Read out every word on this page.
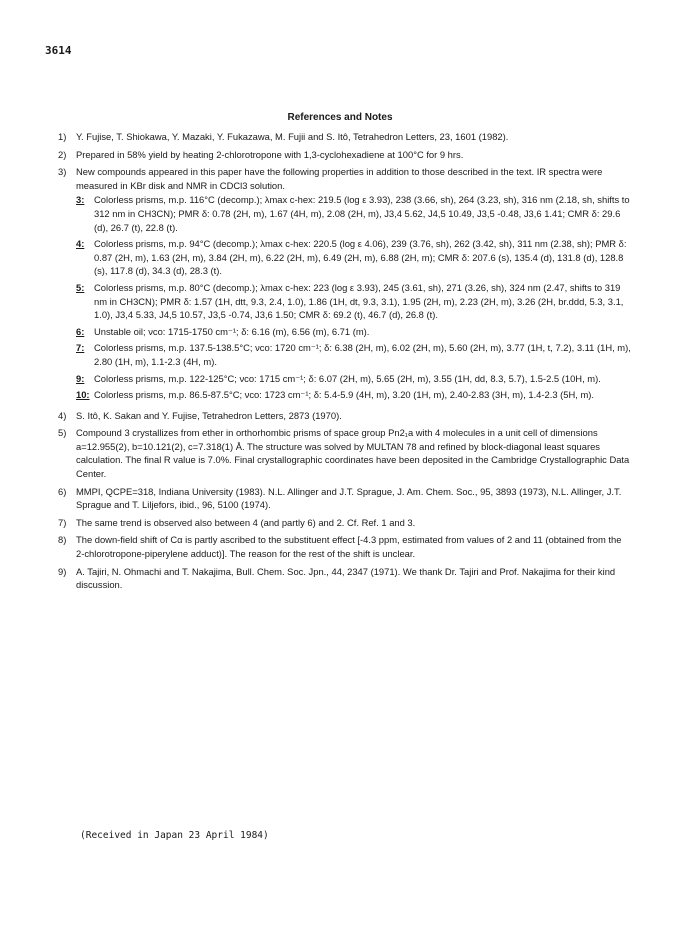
3614
References and Notes
1)	Y. Fujise, T. Shiokawa, Y. Mazaki, Y. Fukazawa, M. Fujii and S. Itô, Tetrahedron Letters, 23, 1601 (1982).
2)	Prepared in 58% yield by heating 2-chlorotropone with 1,3-cyclohexadiene at 100°C for 9 hrs.
3)	New compounds appeared in this paper have the following properties in addition to those described in the text. IR spectra were measured in KBr disk and NMR in CDCl3 solution.
3:	Colorless prisms, m.p. 116°C (decomp.); λmax c-hex: 219.5 (log ε 3.93), 238 (3.66, sh), 264 (3.23, sh), 316 nm (2.18, sh, shifts to 312 nm in CH3CN); PMR δ: 0.78 (2H, m), 1.67 (4H, m), 2.08 (2H, m), J3,4 5.62, J4,5 10.49, J3,5 -0.48, J3,6 1.41; CMR δ: 29.6 (d), 26.7 (t), 22.8 (t).
4:	Colorless prisms, m.p. 94°C (decomp.); λmax c-hex: 220.5 (log ε 4.06), 239 (3.76, sh), 262 (3.42, sh), 311 nm (2.38, sh); PMR δ: 0.87 (2H, m), 1.63 (2H, m), 3.84 (2H, m), 6.22 (2H, m), 6.49 (2H, m), 6.88 (2H, m); CMR δ: 207.6 (s), 135.4 (d), 131.8 (d), 128.8 (s), 117.8 (d), 34.3 (d), 28.3 (t).
5:	Colorless prisms, m.p. 80°C (decomp.); λmax c-hex: 223 (log ε 3.93), 245 (3.61, sh), 271 (3.26, sh), 324 nm (2.47, shifts to 319 nm in CH3CN); PMR δ: 1.57 (1H, dtt, 9.3, 2.4, 1.0), 1.86 (1H, dt, 9.3, 3.1), 1.95 (2H, m), 2.23 (2H, m), 3.26 (2H, br.ddd, 5.3, 3.1, 1.0), J3,4 5.33, J4,5 10.57, J3,5 -0.74, J3,6 1.50; CMR δ: 69.2 (t), 46.7 (d), 26.8 (t).
6:	Unstable oil; νco: 1715-1750 cm⁻¹; δ: 6.16 (m), 6.56 (m), 6.71 (m).
7:	Colorless prisms, m.p. 137.5-138.5°C; νco: 1720 cm⁻¹; δ: 6.38 (2H, m), 6.02 (2H, m), 5.60 (2H, m), 3.77 (1H, t, 7.2), 3.11 (1H, m), 2.80 (1H, m), 1.1-2.3 (4H, m).
9:	Colorless prisms, m.p. 122-125°C; νco: 1715 cm⁻¹; δ: 6.07 (2H, m), 5.65 (2H, m), 3.55 (1H, dd, 8.3, 5.7), 1.5-2.5 (10H, m).
10: Colorless prisms, m.p. 86.5-87.5°C; νco: 1723 cm⁻¹; δ: 5.4-5.9 (4H, m), 3.20 (1H, m), 2.40-2.83 (3H, m), 1.4-2.3 (5H, m).
4)	S. Itô, K. Sakan and Y. Fujise, Tetrahedron Letters, 2873 (1970).
5)	Compound 3 crystallizes from ether in orthorhombic prisms of space group Pn2₁a with 4 molecules in a unit cell of dimensions a=12.955(2), b=10.121(2), c=7.318(1) Å. The structure was solved by MULTAN 78 and refined by block-diagonal least squares calculation. The final R value is 7.0%. Final crystallographic coordinates have been deposited in the Cambridge Crystallographic Data Center.
6)	MMPI, QCPE=318, Indiana University (1983). N.L. Allinger and J.T. Sprague, J. Am. Chem. Soc., 95, 3893 (1973), N.L. Allinger, J.T. Sprague and T. Liljefors, ibid., 96, 5100 (1974).
7)	The same trend is observed also between 4 (and partly 6) and 2. Cf. Ref. 1 and 3.
8)	The down-field shift of Cα is partly ascribed to the substituent effect [-4.3 ppm, estimated from values of 2 and 11 (obtained from the 2-chlorotropone-piperylene adduct)]. The reason for the rest of the shift is unclear.
9)	A. Tajiri, N. Ohmachi and T. Nakajima, Bull. Chem. Soc. Jpn., 44, 2347 (1971). We thank Dr. Tajiri and Prof. Nakajima for their kind discussion.
(Received in Japan 23 April 1984)
